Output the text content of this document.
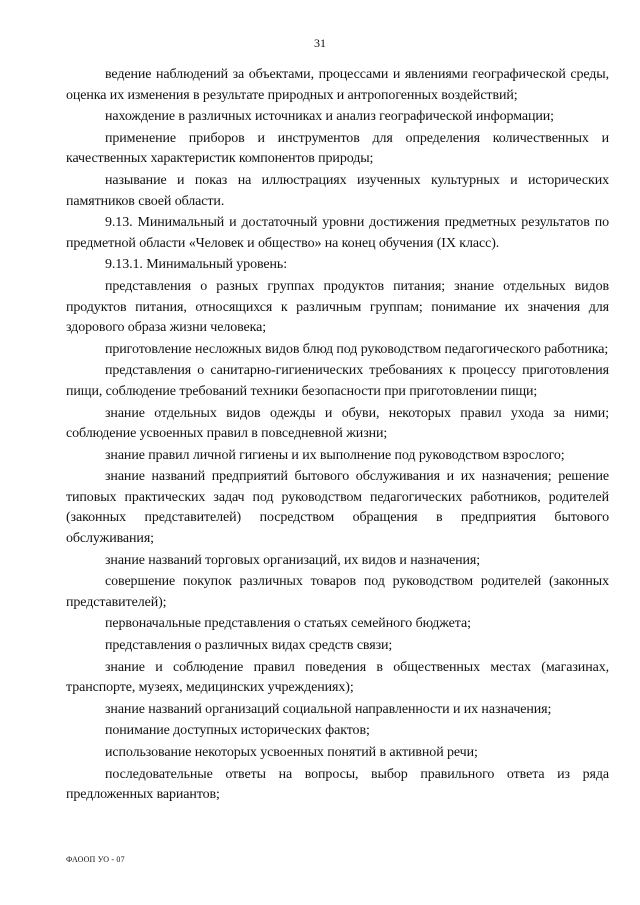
31

ведение наблюдений за объектами, процессами и явлениями географической среды, оценка их изменения в результате природных и антропогенных воздействий;

нахождение в различных источниках и анализ географической информации;

применение приборов и инструментов для определения количественных и качественных характеристик компонентов природы;

называние и показ на иллюстрациях изученных культурных и исторических памятников своей области.

9.13. Минимальный и достаточный уровни достижения предметных результатов по предметной области «Человек и общество» на конец обучения (IX класс).

9.13.1. Минимальный уровень:

представления о разных группах продуктов питания; знание отдельных видов продуктов питания, относящихся к различным группам; понимание их значения для здорового образа жизни человека;

приготовление несложных видов блюд под руководством педагогического работника;

представления о санитарно-гигиенических требованиях к процессу приготовления пищи, соблюдение требований техники безопасности при приготовлении пищи;

знание отдельных видов одежды и обуви, некоторых правил ухода за ними; соблюдение усвоенных правил в повседневной жизни;

знание правил личной гигиены и их выполнение под руководством взрослого;

знание названий предприятий бытового обслуживания и их назначения; решение типовых практических задач под руководством педагогических работников, родителей (законных представителей) посредством обращения в предприятия бытового обслуживания;

знание названий торговых организаций, их видов и назначения;

совершение покупок различных товаров под руководством родителей (законных представителей);

первоначальные представления о статьях семейного бюджета;

представления о различных видах средств связи;

знание и соблюдение правил поведения в общественных местах (магазинах, транспорте, музеях, медицинских учреждениях);

знание названий организаций социальной направленности и их назначения;

понимание доступных исторических фактов;

использование некоторых усвоенных понятий в активной речи;

последовательные ответы на вопросы, выбор правильного ответа из ряда предложенных вариантов;

ФАООП УО - 07
